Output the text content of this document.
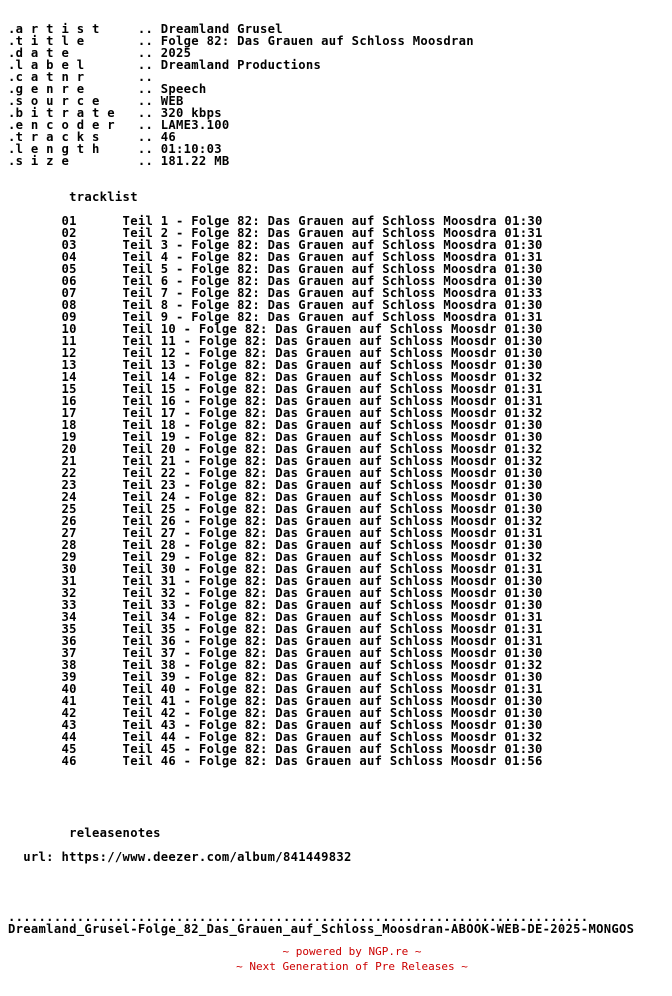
.a r t i s t     .. Dreamland Grusel
.t i t l e       .. Folge 82: Das Grauen auf Schloss Moosdran
.d a t e         .. 2025
.l a b e l       .. Dreamland Productions
.c a t n r       ..
.g e n r e       .. Speech
.s o u r c e     .. WEB
.b i t r a t e   .. 320 kbps
.e n c o d e r   .. LAME3.100
.t r a c k s     .. 46
.l e n g t h     .. 01:10:03
.s i z e         .. 181.22 MB

tracklist

01      Teil 1 - Folge 82: Das Grauen auf Schloss Moosdra 01:30
02      Teil 2 - Folge 82: Das Grauen auf Schloss Moosdra 01:31
03      Teil 3 - Folge 82: Das Grauen auf Schloss Moosdra 01:30
04      Teil 4 - Folge 82: Das Grauen auf Schloss Moosdra 01:31
05      Teil 5 - Folge 82: Das Grauen auf Schloss Moosdra 01:30
06      Teil 6 - Folge 82: Das Grauen auf Schloss Moosdra 01:30
07      Teil 7 - Folge 82: Das Grauen auf Schloss Moosdra 01:33
08      Teil 8 - Folge 82: Das Grauen auf Schloss Moosdra 01:30
09      Teil 9 - Folge 82: Das Grauen auf Schloss Moosdra 01:31
10      Teil 10 - Folge 82: Das Grauen auf Schloss Moosdr 01:30
11      Teil 11 - Folge 82: Das Grauen auf Schloss Moosdr 01:30
12      Teil 12 - Folge 82: Das Grauen auf Schloss Moosdr 01:30
13      Teil 13 - Folge 82: Das Grauen auf Schloss Moosdr 01:30
14      Teil 14 - Folge 82: Das Grauen auf Schloss Moosdr 01:32
15      Teil 15 - Folge 82: Das Grauen auf Schloss Moosdr 01:31
16      Teil 16 - Folge 82: Das Grauen auf Schloss Moosdr 01:31
17      Teil 17 - Folge 82: Das Grauen auf Schloss Moosdr 01:32
18      Teil 18 - Folge 82: Das Grauen auf Schloss Moosdr 01:30
19      Teil 19 - Folge 82: Das Grauen auf Schloss Moosdr 01:30
20      Teil 20 - Folge 82: Das Grauen auf Schloss Moosdr 01:32
21      Teil 21 - Folge 82: Das Grauen auf Schloss Moosdr 01:32
22      Teil 22 - Folge 82: Das Grauen auf Schloss Moosdr 01:30
23      Teil 23 - Folge 82: Das Grauen auf Schloss Moosdr 01:30
24      Teil 24 - Folge 82: Das Grauen auf Schloss Moosdr 01:30
25      Teil 25 - Folge 82: Das Grauen auf Schloss Moosdr 01:30
26      Teil 26 - Folge 82: Das Grauen auf Schloss Moosdr 01:32
27      Teil 27 - Folge 82: Das Grauen auf Schloss Moosdr 01:31
28      Teil 28 - Folge 82: Das Grauen auf Schloss Moosdr 01:30
29      Teil 29 - Folge 82: Das Grauen auf Schloss Moosdr 01:32
30      Teil 30 - Folge 82: Das Grauen auf Schloss Moosdr 01:31
31      Teil 31 - Folge 82: Das Grauen auf Schloss Moosdr 01:30
32      Teil 32 - Folge 82: Das Grauen auf Schloss Moosdr 01:30
33      Teil 33 - Folge 82: Das Grauen auf Schloss Moosdr 01:30
34      Teil 34 - Folge 82: Das Grauen auf Schloss Moosdr 01:31
35      Teil 35 - Folge 82: Das Grauen auf Schloss Moosdr 01:31
36      Teil 36 - Folge 82: Das Grauen auf Schloss Moosdr 01:31
37      Teil 37 - Folge 82: Das Grauen auf Schloss Moosdr 01:30
38      Teil 38 - Folge 82: Das Grauen auf Schloss Moosdr 01:32
39      Teil 39 - Folge 82: Das Grauen auf Schloss Moosdr 01:30
40      Teil 40 - Folge 82: Das Grauen auf Schloss Moosdr 01:31
41      Teil 41 - Folge 82: Das Grauen auf Schloss Moosdr 01:30
42      Teil 42 - Folge 82: Das Grauen auf Schloss Moosdr 01:30
43      Teil 43 - Folge 82: Das Grauen auf Schloss Moosdr 01:30
44      Teil 44 - Folge 82: Das Grauen auf Schloss Moosdr 01:32
45      Teil 45 - Folge 82: Das Grauen auf Schloss Moosdr 01:30
46      Teil 46 - Folge 82: Das Grauen auf Schloss Moosdr 01:56

releasenotes

url: https://www.deezer.com/album/841449832

............................................................................
Dreamland_Grusel-Folge_82_Das_Grauen_auf_Schloss_Moosdran-ABOOK-WEB-DE-2025-MONGOS
~ powered by NGP.re ~
~ Next Generation of Pre Releases ~
